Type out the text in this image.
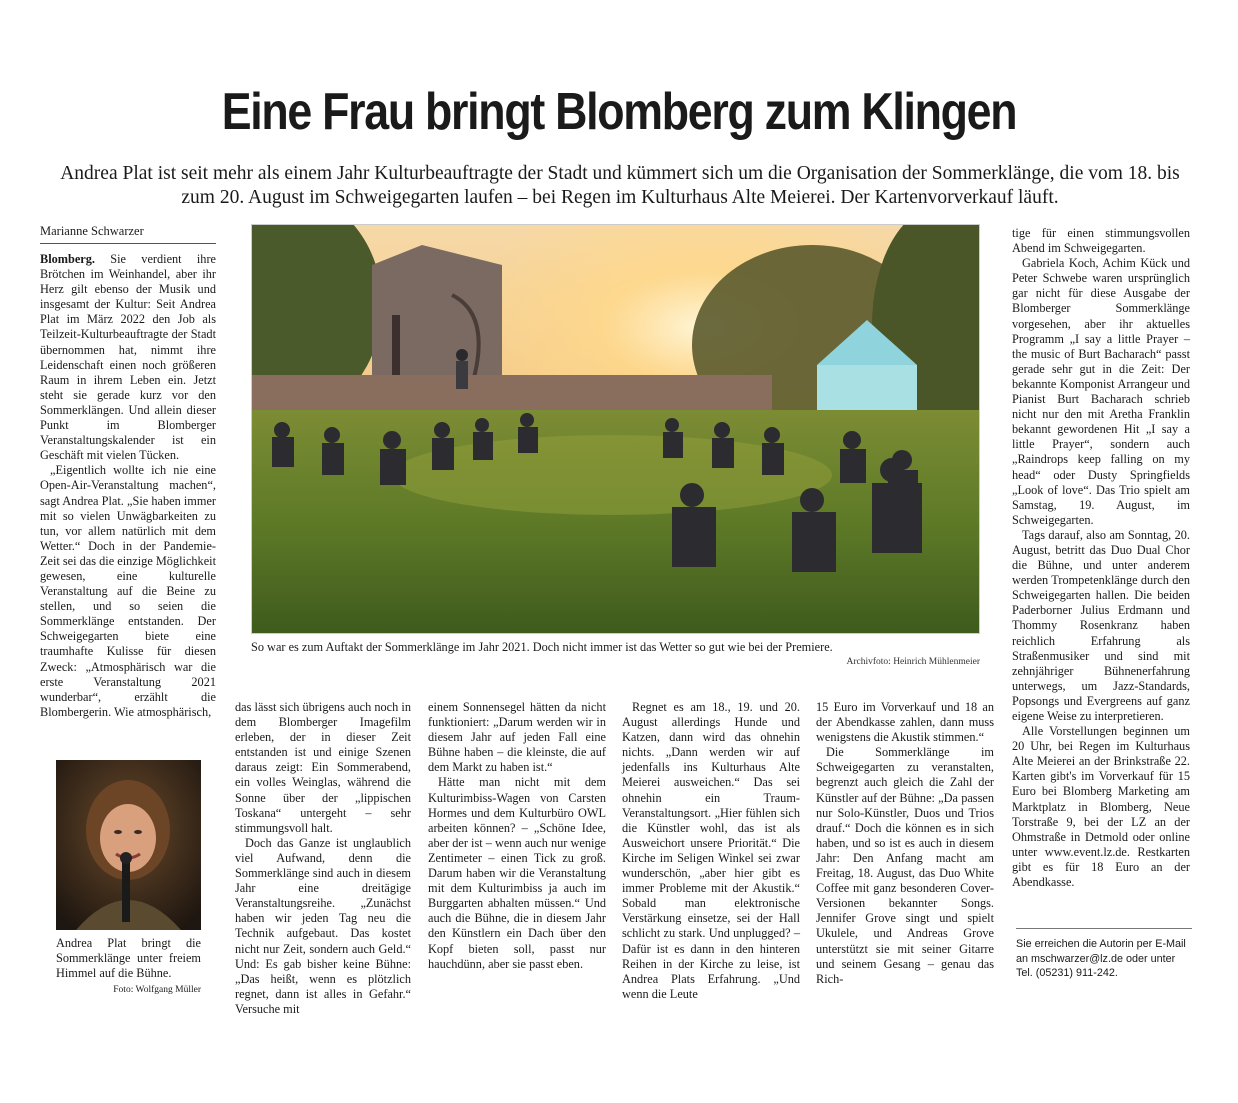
Eine Frau bringt Blomberg zum Klingen

Andrea Plat ist seit mehr als einem Jahr Kulturbeauftragte der Stadt und kümmert sich um die Organisation der Sommerklänge, die vom 18. bis zum 20. August im Schweigegarten laufen – bei Regen im Kulturhaus Alte Meierei. Der Kartenvorverkauf läuft.

Marianne Schwarzer

Blomberg. Sie verdient ihre Brötchen im Weinhandel, aber ihr Herz gilt ebenso der Musik und insgesamt der Kultur: Seit Andrea Plat im März 2022 den Job als Teilzeit-Kulturbeauftragte der Stadt übernommen hat, nimmt ihre Leidenschaft einen noch größeren Raum in ihrem Leben ein. Jetzt steht sie gerade kurz vor den Sommerklängen. Und allein dieser Punkt im Blomberger Veranstaltungskalender ist ein Geschäft mit vielen Tücken.

„Eigentlich wollte ich nie eine Open-Air-Veranstaltung machen“, sagt Andrea Plat. „Sie haben immer mit so vielen Unwägbarkeiten zu tun, vor allem natürlich mit dem Wetter.“ Doch in der Pandemie-Zeit sei das die einzige Möglichkeit gewesen, eine kulturelle Veranstaltung auf die Beine zu stellen, und so seien die Sommerklänge entstanden. Der Schweigegarten biete eine traumhafte Kulisse für diesen Zweck: „Atmosphärisch war die erste Veranstaltung 2021 wunderbar“, erzählt die Blombergerin. Wie atmosphärisch,

So war es zum Auftakt der Sommerklänge im Jahr 2021. Doch nicht immer ist das Wetter so gut wie bei der Premiere.
Archivfoto: Heinrich Mühlenmeier
Andrea Plat bringt die Sommerklänge unter freiem Himmel auf die Bühne.
Foto: Wolfgang Müller

das lässt sich übrigens auch noch in dem Blomberger Imagefilm erleben, der in dieser Zeit entstanden ist und einige Szenen daraus zeigt: Ein Sommerabend, ein volles Weinglas, während die Sonne über der „lippischen Toskana“ untergeht – sehr stimmungsvoll halt.

Doch das Ganze ist unglaublich viel Aufwand, denn die Sommerklänge sind auch in diesem Jahr eine dreitägige Veranstaltungsreihe. „Zunächst haben wir jeden Tag neu die Technik aufgebaut. Das kostet nicht nur Zeit, sondern auch Geld.“ Und: Es gab bisher keine Bühne: „Das heißt, wenn es plötzlich regnet, dann ist alles in Gefahr.“ Versuche mit

einem Sonnensegel hätten da nicht funktioniert: „Darum werden wir in diesem Jahr auf jeden Fall eine Bühne haben – die kleinste, die auf dem Markt zu haben ist.“

Hätte man nicht mit dem Kulturimbiss-Wagen von Carsten Hormes und dem Kulturbüro OWL arbeiten können? – „Schöne Idee, aber der ist – wenn auch nur wenige Zentimeter – einen Tick zu groß. Darum haben wir die Veranstaltung mit dem Kulturimbiss ja auch im Burggarten abhalten müssen.“ Und auch die Bühne, die in diesem Jahr den Künstlern ein Dach über den Kopf bieten soll, passt nur hauchdünn, aber sie passt eben.

Regnet es am 18., 19. und 20. August allerdings Hunde und Katzen, dann wird das ohnehin nichts. „Dann werden wir auf jedenfalls ins Kulturhaus Alte Meierei ausweichen.“ Das sei ohnehin ein Traum-Veranstaltungsort. „Hier fühlen sich die Künstler wohl, das ist als Ausweichort unsere Priorität.“ Die Kirche im Seligen Winkel sei zwar wunderschön, „aber hier gibt es immer Probleme mit der Akustik.“ Sobald man elektronische Verstärkung einsetze, sei der Hall schlicht zu stark. Und unplugged? – Dafür ist es dann in den hinteren Reihen in der Kirche zu leise, ist Andrea Plats Erfahrung. „Und wenn die Leute

15 Euro im Vorverkauf und 18 an der Abendkasse zahlen, dann muss wenigstens die Akustik stimmen.“

Die Sommerklänge im Schweigegarten zu veranstalten, begrenzt auch gleich die Zahl der Künstler auf der Bühne: „Da passen nur Solo-Künstler, Duos und Trios drauf.“ Doch die können es in sich haben, und so ist es auch in diesem Jahr: Den Anfang macht am Freitag, 18. August, das Duo White Coffee mit ganz besonderen Cover-Versionen bekannter Songs. Jennifer Grove singt und spielt Ukulele, und Andreas Grove unterstützt sie mit seiner Gitarre und seinem Gesang – genau das Rich-

tige für einen stimmungsvollen Abend im Schweigegarten.

Gabriela Koch, Achim Kück und Peter Schwebe waren ursprünglich gar nicht für diese Ausgabe der Blomberger Sommerklänge vorgesehen, aber ihr aktuelles Programm „I say a little Prayer – the music of Burt Bacharach“ passt gerade sehr gut in die Zeit: Der bekannte Komponist Arrangeur und Pianist Burt Bacharach schrieb nicht nur den mit Aretha Franklin bekannt gewordenen Hit „I say a little Prayer“, sondern auch „Raindrops keep falling on my head“ oder Dusty Springfields „Look of love“. Das Trio spielt am Samstag, 19. August, im Schweigegarten.

Tags darauf, also am Sonntag, 20. August, betritt das Duo Dual Chor die Bühne, und unter anderem werden Trompetenklänge durch den Schweigegarten hallen. Die beiden Paderborner Julius Erdmann und Thommy Rosenkranz haben reichlich Erfahrung als Straßenmusiker und sind mit zehnjähriger Bühnenerfahrung unterwegs, um Jazz-Standards, Popsongs und Evergreens auf ganz eigene Weise zu interpretieren.

Alle Vorstellungen beginnen um 20 Uhr, bei Regen im Kulturhaus Alte Meierei an der Brinkstraße 22. Karten gibt's im Vorverkauf für 15 Euro bei Blomberg Marketing am Marktplatz in Blomberg, Neue Torstraße 9, bei der LZ an der Ohmstraße in Detmold oder online unter www.event.lz.de. Restkarten gibt es für 18 Euro an der Abendkasse.

Sie erreichen die Autorin per E-Mail an mschwarzer@lz.de oder unter Tel. (05231) 911-242.
